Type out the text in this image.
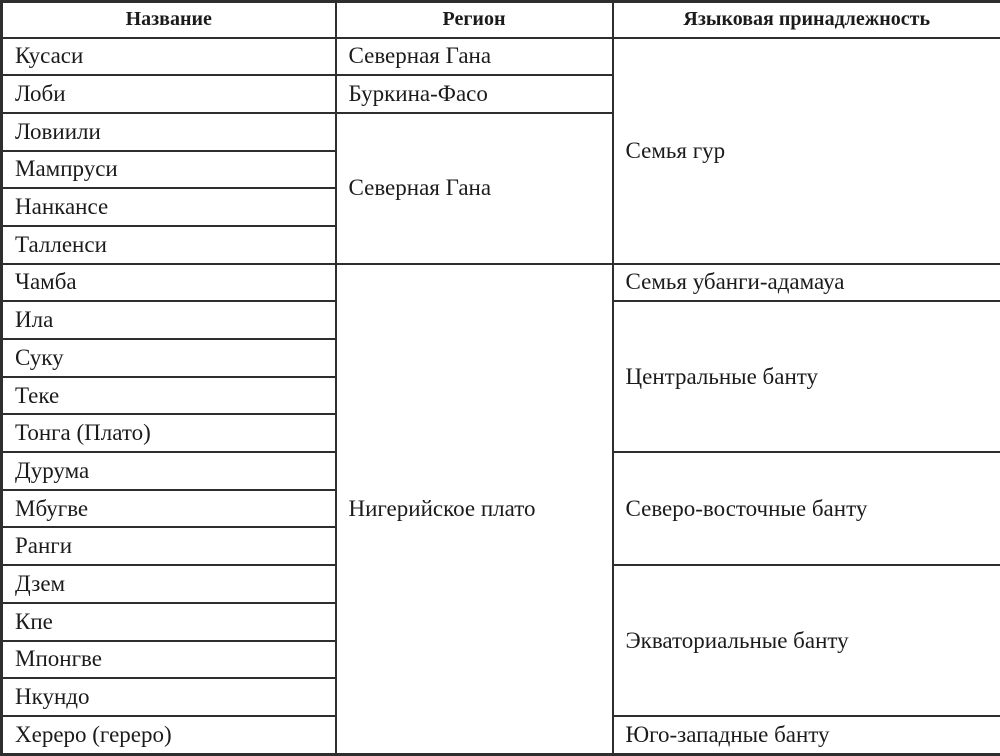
Название	Регион	Языковая принадлежность
Кусаси	Северная Гана	Семья гур
Лоби	Буркина-Фасо	
Ловиили	Северная Гана	
Мампруси		
Нанкансе		
Талленси		
Чамба	Нигерийское плато	Семья убанги-адамауа
Ила		Центральные банту
Суку		
Теке		
Тонга (Плато)		
Дурума		Северо-восточные банту
Мбугве		
Ранги		
Дзем		Экваториальные банту
Кпе		
Мпонгве		
Нкундо		
Хереро (гереро)		Юго-западные банту
